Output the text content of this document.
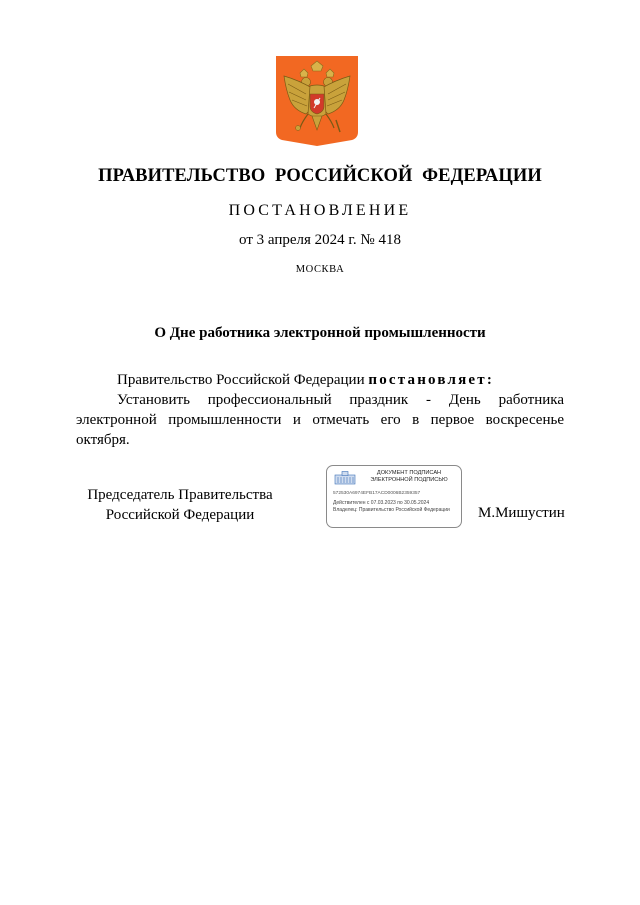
ПРАВИТЕЛЬСТВО РОССИЙСКОЙ ФЕДЕРАЦИИ
ПОСТАНОВЛЕНИЕ
от 3 апреля 2024 г. № 418
МОСКВА
О Дне работника электронной промышленности
Правительство Российской Федерации постановляет:
Установить профессиональный праздник - День работника электронной промышленности и отмечать его в первое воскресенье октября.
Председатель Правительства
Российской Федерации
ДОКУМЕНТ ПОДПИСАН
ЭЛЕКТРОННОЙ ПОДПИСЬЮ
572530A6974EFB17ACD0006B2359357
Действителен с 07.03.2023 по 30.05.2024
Владелец: Правительство Российской Федерации	М.Мишустин
